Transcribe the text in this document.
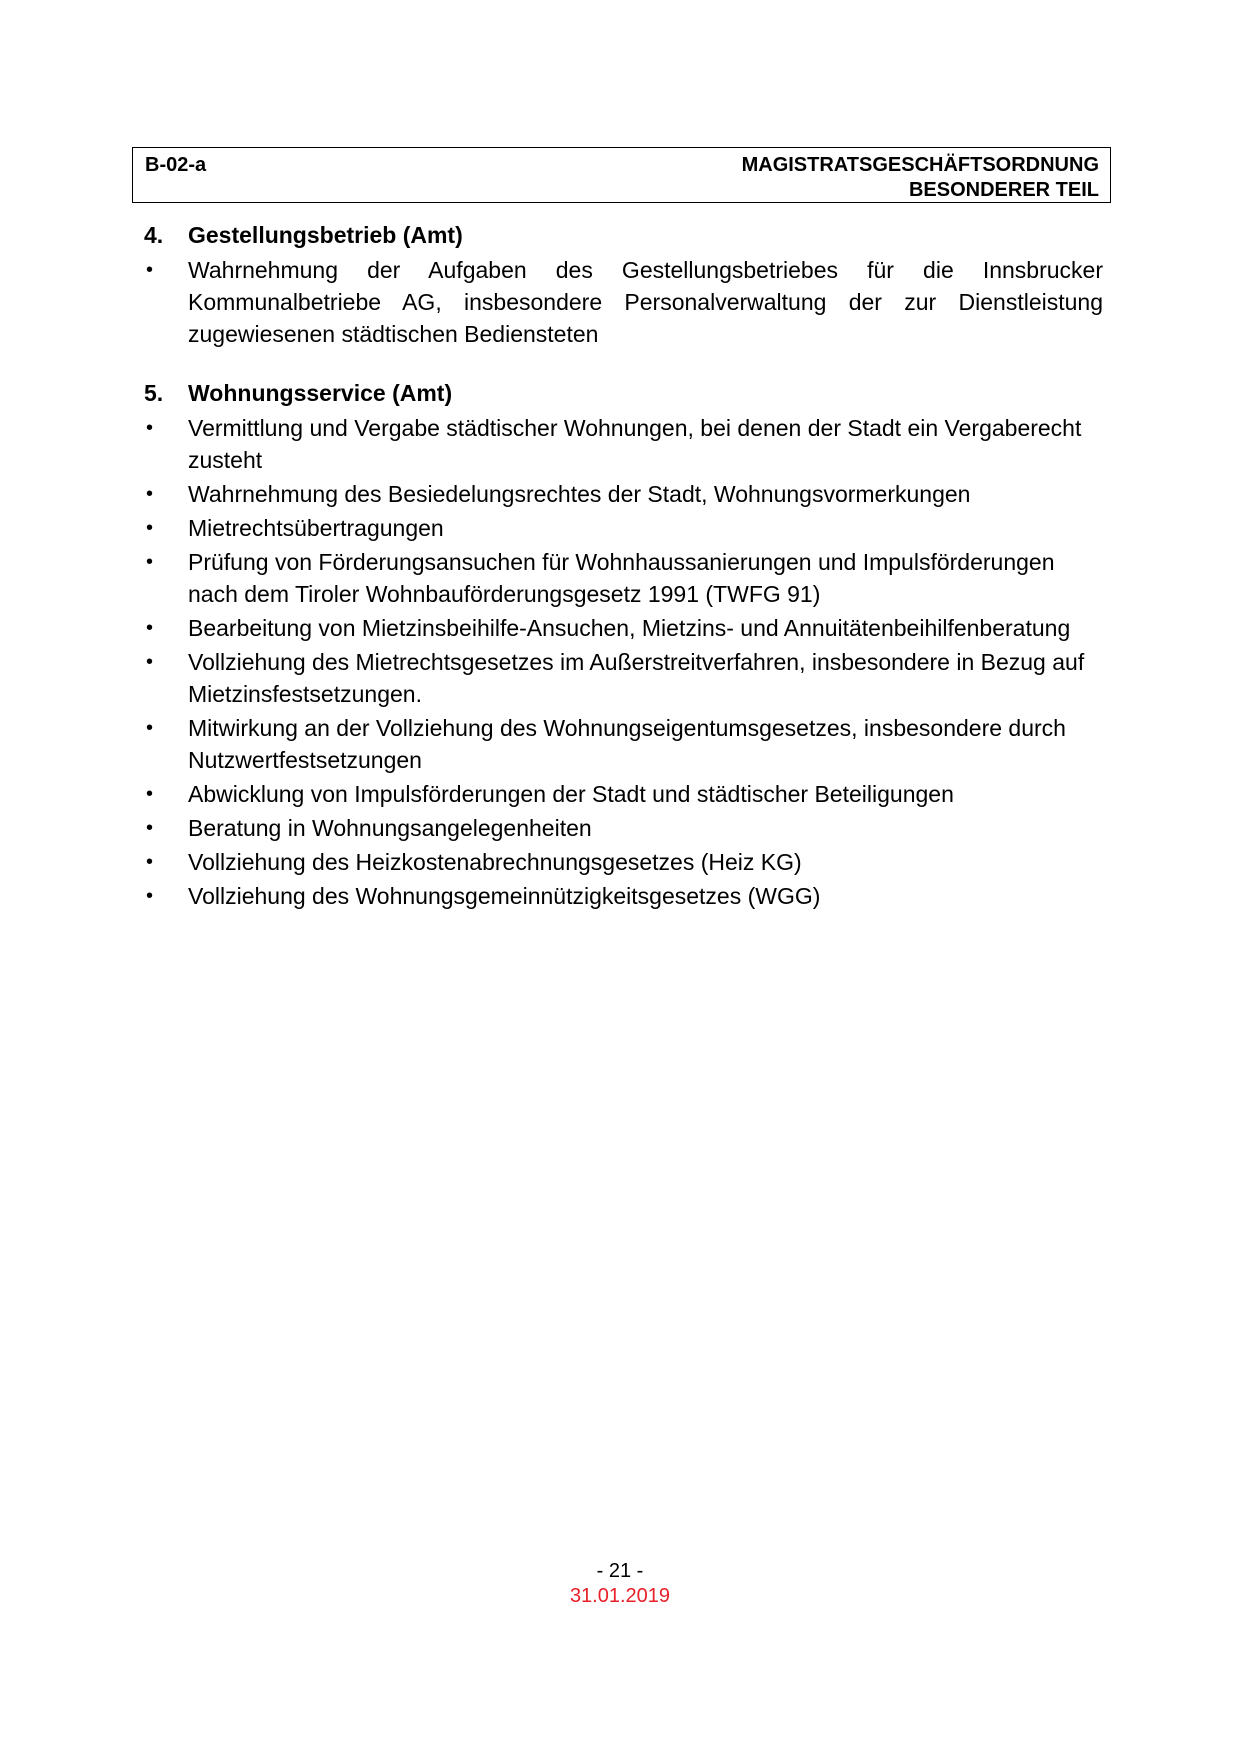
B-02-a	MAGISTRATSGESCHÄFTSORDNUNG
BESONDERER TEIL
4.	Gestellungsbetrieb (Amt)
•	Wahrnehmung der Aufgaben des Gestellungsbetriebes für die Innsbrucker Kommunalbetriebe AG, insbesondere Personalverwaltung der zur Dienstleistung zugewiesenen städtischen Bediensteten
5.	Wohnungsservice (Amt)
•	Vermittlung und Vergabe städtischer Wohnungen, bei denen der Stadt ein Vergaberecht zusteht
•	Wahrnehmung des Besiedelungsrechtes der Stadt, Wohnungsvormerkungen
•	Mietrechtsübertragungen
•	Prüfung von Förderungsansuchen für Wohnhaussanierungen und Impulsförderungen nach dem Tiroler Wohnbauförderungsgesetz 1991 (TWFG 91)
•	Bearbeitung von Mietzinsbeihilfe-Ansuchen, Mietzins- und Annuitätenbeihilfenberatung
•	Vollziehung des Mietrechtsgesetzes im Außerstreitverfahren, insbesondere in Bezug auf Mietzinsfestsetzungen.
•	Mitwirkung an der Vollziehung des Wohnungseigentumsgesetzes, insbesondere durch Nutzwertfestsetzungen
•	Abwicklung von Impulsförderungen der Stadt und städtischer Beteiligungen
•	Beratung in Wohnungsangelegenheiten
•	Vollziehung des Heizkostenabrechnungsgesetzes (Heiz KG)
•	Vollziehung des Wohnungsgemeinnützigkeitsgesetzes (WGG)
- 21 -
31.01.2019
